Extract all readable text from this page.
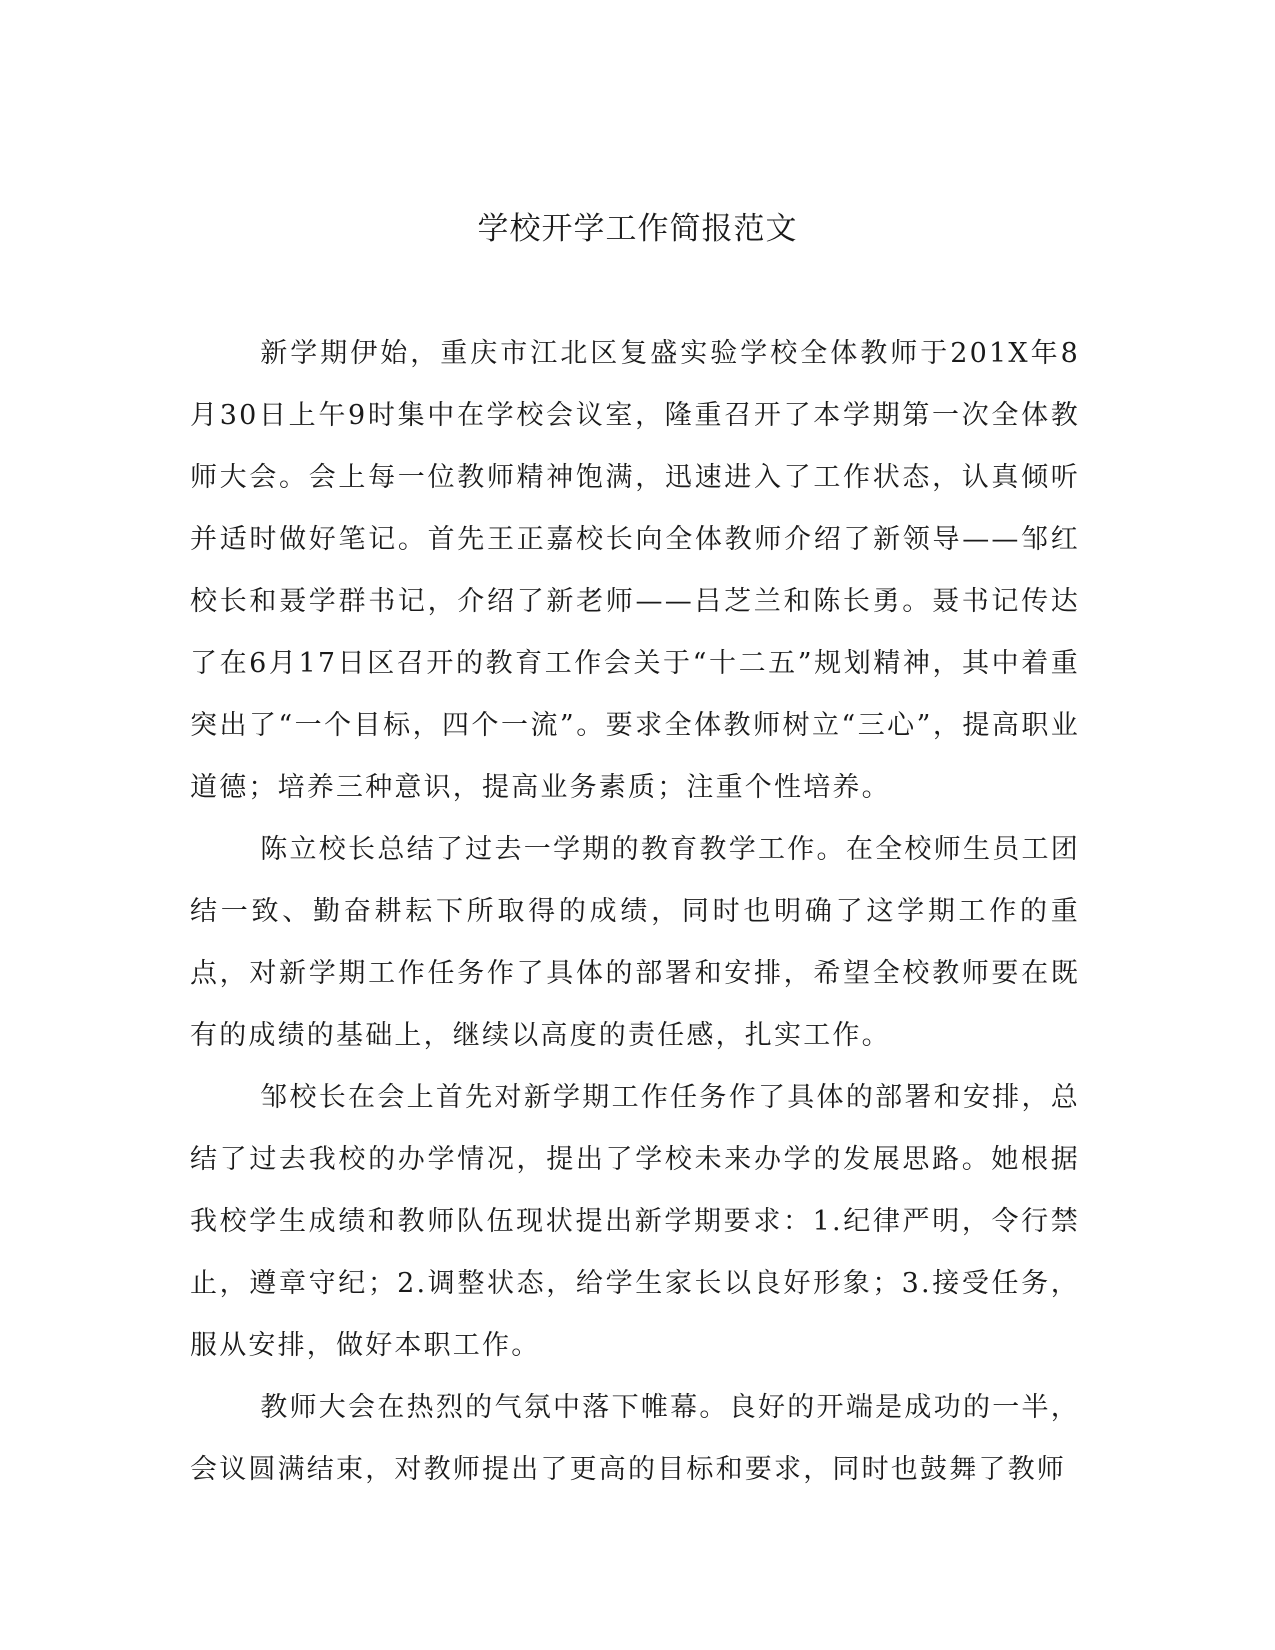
学校开学工作简报范文

新学期伊始，重庆市江北区复盛实验学校全体教师于201X年8月30日上午9时集中在学校会议室，隆重召开了本学期第一次全体教师大会。会上每一位教师精神饱满，迅速进入了工作状态，认真倾听并适时做好笔记。首先王正嘉校长向全体教师介绍了新领导——邹红校长和聂学群书记，介绍了新老师——吕芝兰和陈长勇。聂书记传达了在6月17日区召开的教育工作会关于“十二五”规划精神，其中着重突出了“一个目标，四个一流”。要求全体教师树立“三心”，提高职业道德；培养三种意识，提高业务素质；注重个性培养。

陈立校长总结了过去一学期的教育教学工作。在全校师生员工团结一致、勤奋耕耘下所取得的成绩，同时也明确了这学期工作的重点，对新学期工作任务作了具体的部署和安排，希望全校教师要在既有的成绩的基础上，继续以高度的责任感，扎实工作。

邹校长在会上首先对新学期工作任务作了具体的部署和安排，总结了过去我校的办学情况，提出了学校未来办学的发展思路。她根据我校学生成绩和教师队伍现状提出新学期要求：1.纪律严明，令行禁止，遵章守纪；2.调整状态，给学生家长以良好形象；3.接受任务，服从安排，做好本职工作。

教师大会在热烈的气氛中落下帷幕。良好的开端是成功的一半，会议圆满结束，对教师提出了更高的目标和要求，同时也鼓舞了教师
